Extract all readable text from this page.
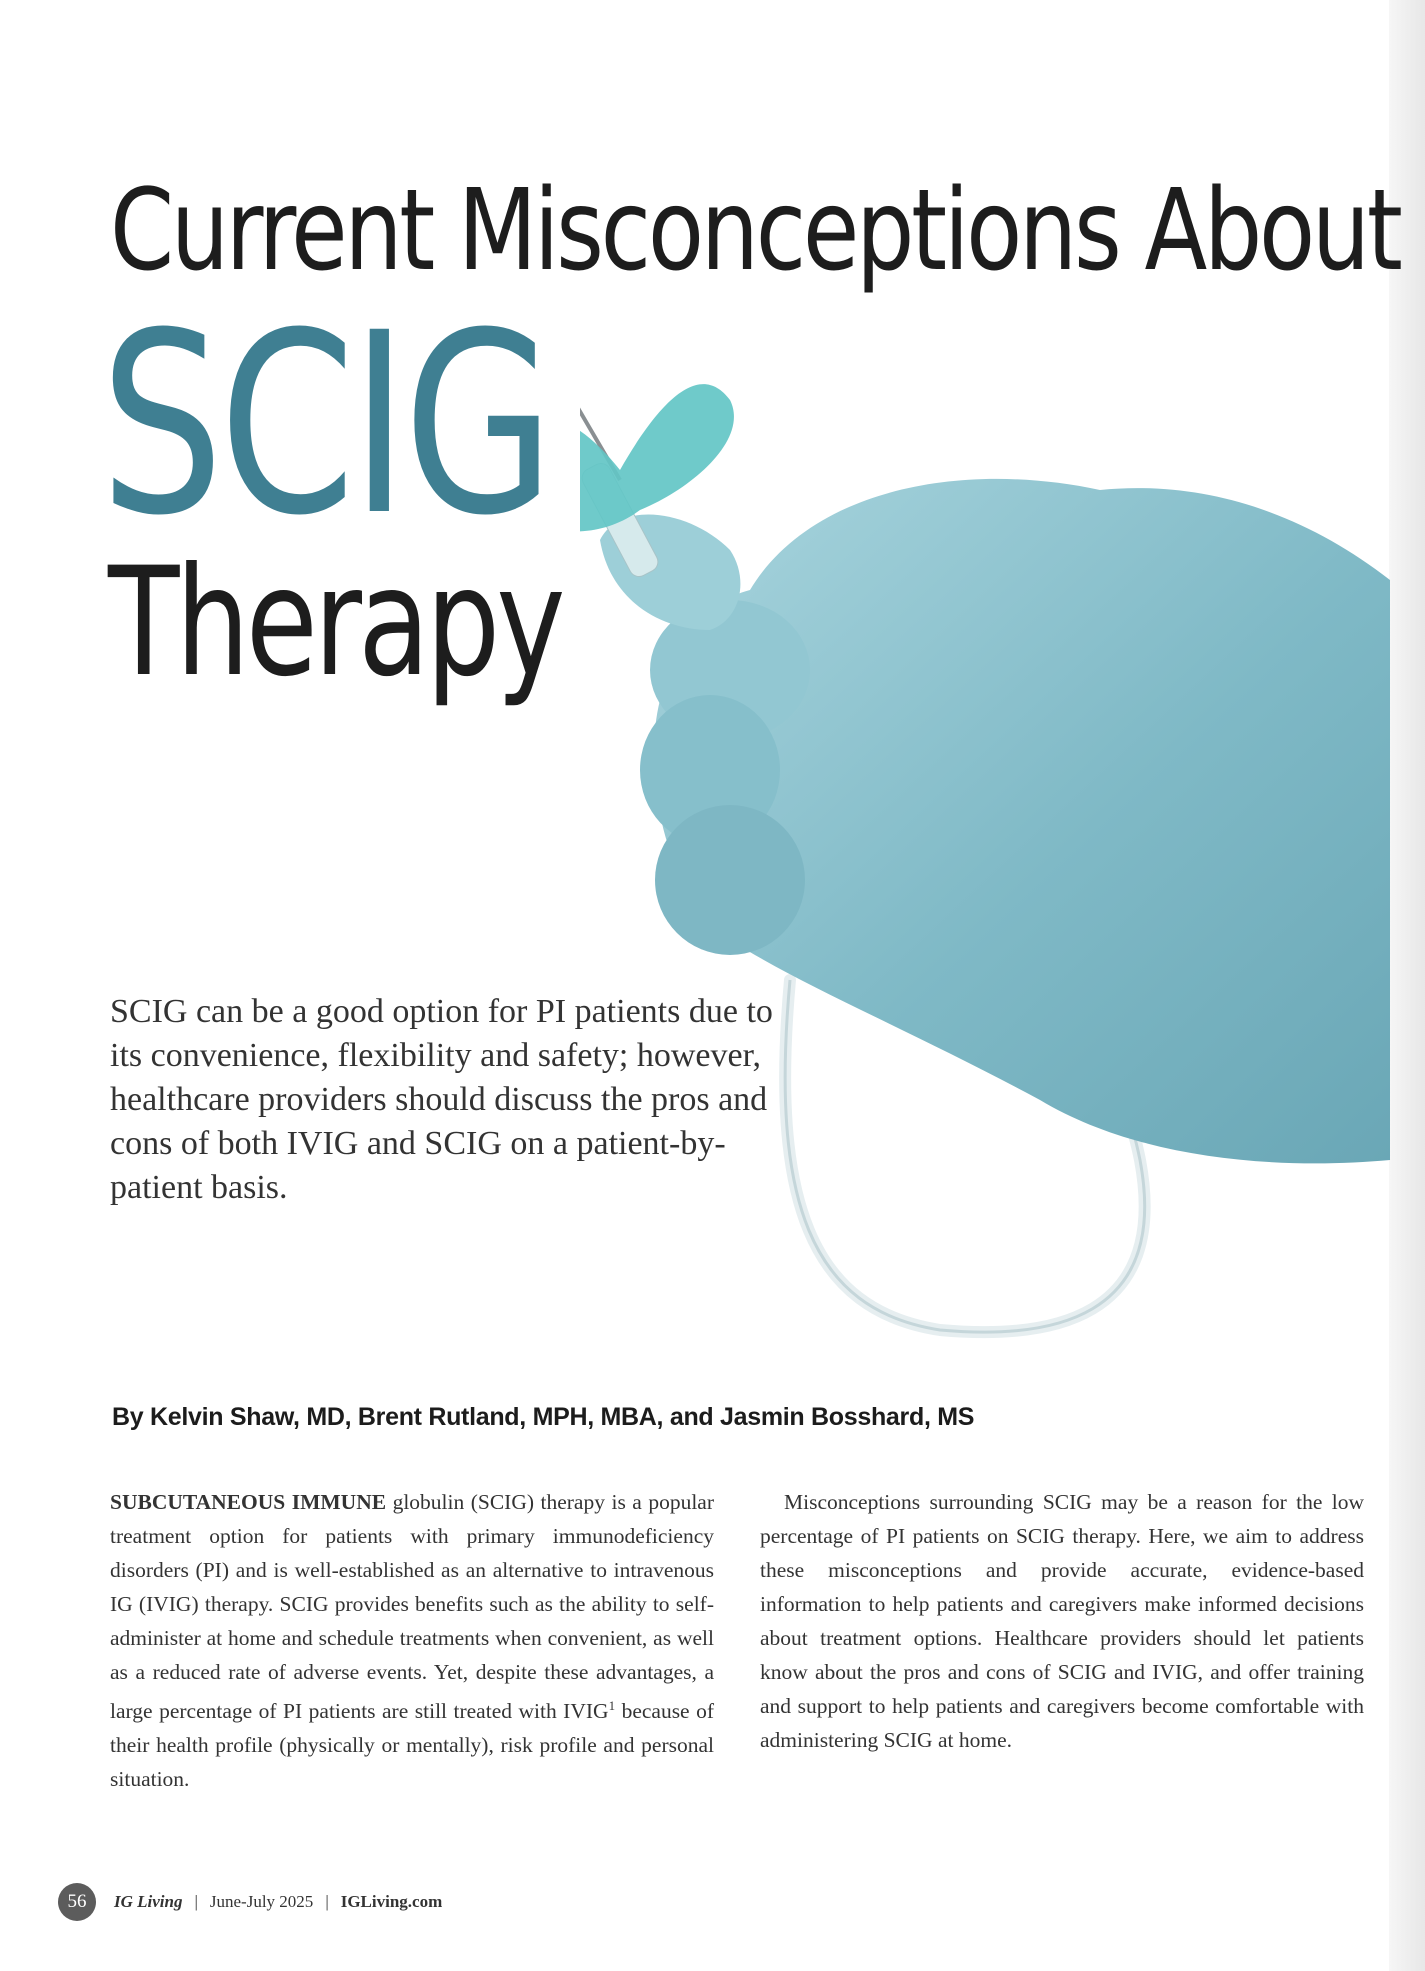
Current Misconceptions About
SCIG
Therapy
SCIG can be a good option for PI patients due to its convenience, flexibility and safety; however, healthcare providers should discuss the pros and cons of both IVIG and SCIG on a patient-by-patient basis.
By Kelvin Shaw, MD, Brent Rutland, MPH, MBA, and Jasmin Bosshard, MS
SUBCUTANEOUS IMMUNE globulin (SCIG) therapy is a popular treatment option for patients with primary immunodeficiency disorders (PI) and is well-established as an alternative to intravenous IG (IVIG) therapy. SCIG provides benefits such as the ability to self-administer at home and schedule treatments when convenient, as well as a reduced rate of adverse events. Yet, despite these advantages, a large percentage of PI patients are still treated with IVIG$^1$ because of their health profile (physically or mentally), risk profile and personal situation.
Misconceptions surrounding SCIG may be a reason for the low percentage of PI patients on SCIG therapy. Here, we aim to address these misconceptions and provide accurate, evidence-based information to help patients and caregivers make informed decisions about treatment options. Healthcare providers should let patients know about the pros and cons of SCIG and IVIG, and offer training and support to help patients and caregivers become comfortable with administering SCIG at home.
56	IG Living | June-July 2025 | IGLiving.com
